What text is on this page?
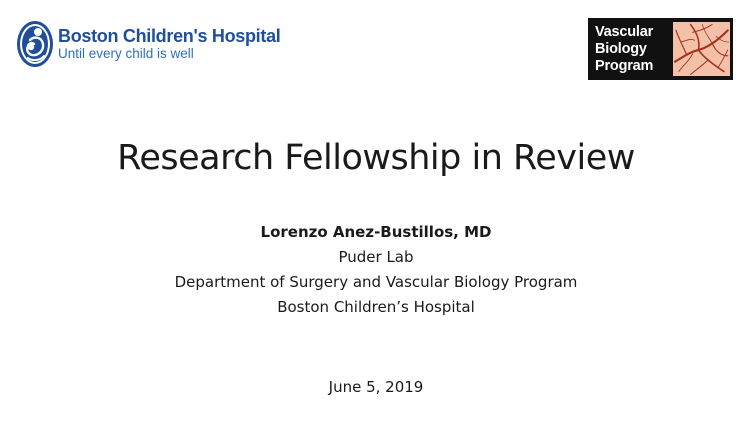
Boston Children's Hospital
Until every child is well
Vascular
Biology
Program
Research Fellowship in Review
Lorenzo Anez-Bustillos, MD
Puder Lab
Department of Surgery and Vascular Biology Program
Boston Children’s Hospital
June 5, 2019
